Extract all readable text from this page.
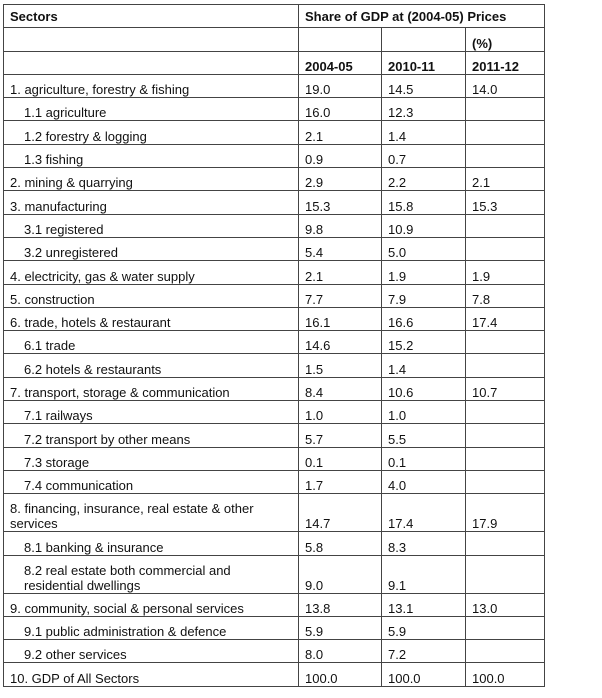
Sectors	Share of GDP at (2004-05) Prices		
			(%)
	2004-05	2010-11	2011-12
1. agriculture, forestry & fishing	19.0	14.5	14.0
1.1 agriculture	16.0	12.3	
1.2 forestry & logging	2.1	1.4	
1.3 fishing	0.9	0.7	
2. mining & quarrying	2.9	2.2	2.1
3. manufacturing	15.3	15.8	15.3
3.1 registered	9.8	10.9	
3.2 unregistered	5.4	5.0	
4. electricity, gas & water supply	2.1	1.9	1.9
5. construction	7.7	7.9	7.8
6. trade, hotels & restaurant	16.1	16.6	17.4
6.1 trade	14.6	15.2	
6.2 hotels & restaurants	1.5	1.4	
7. transport, storage & communication	8.4	10.6	10.7
7.1 railways	1.0	1.0	
7.2 transport by other means	5.7	5.5	
7.3 storage	0.1	0.1	
7.4 communication	1.7	4.0	
8. financing, insurance, real estate & other services	14.7	17.4	17.9
8.1 banking & insurance	5.8	8.3	
8.2 real estate both commercial and residential dwellings	9.0	9.1	
9. community, social & personal services	13.8	13.1	13.0
9.1 public administration & defence	5.9	5.9	
9.2 other services	8.0	7.2	
10. GDP of All Sectors	100.0	100.0	100.0
